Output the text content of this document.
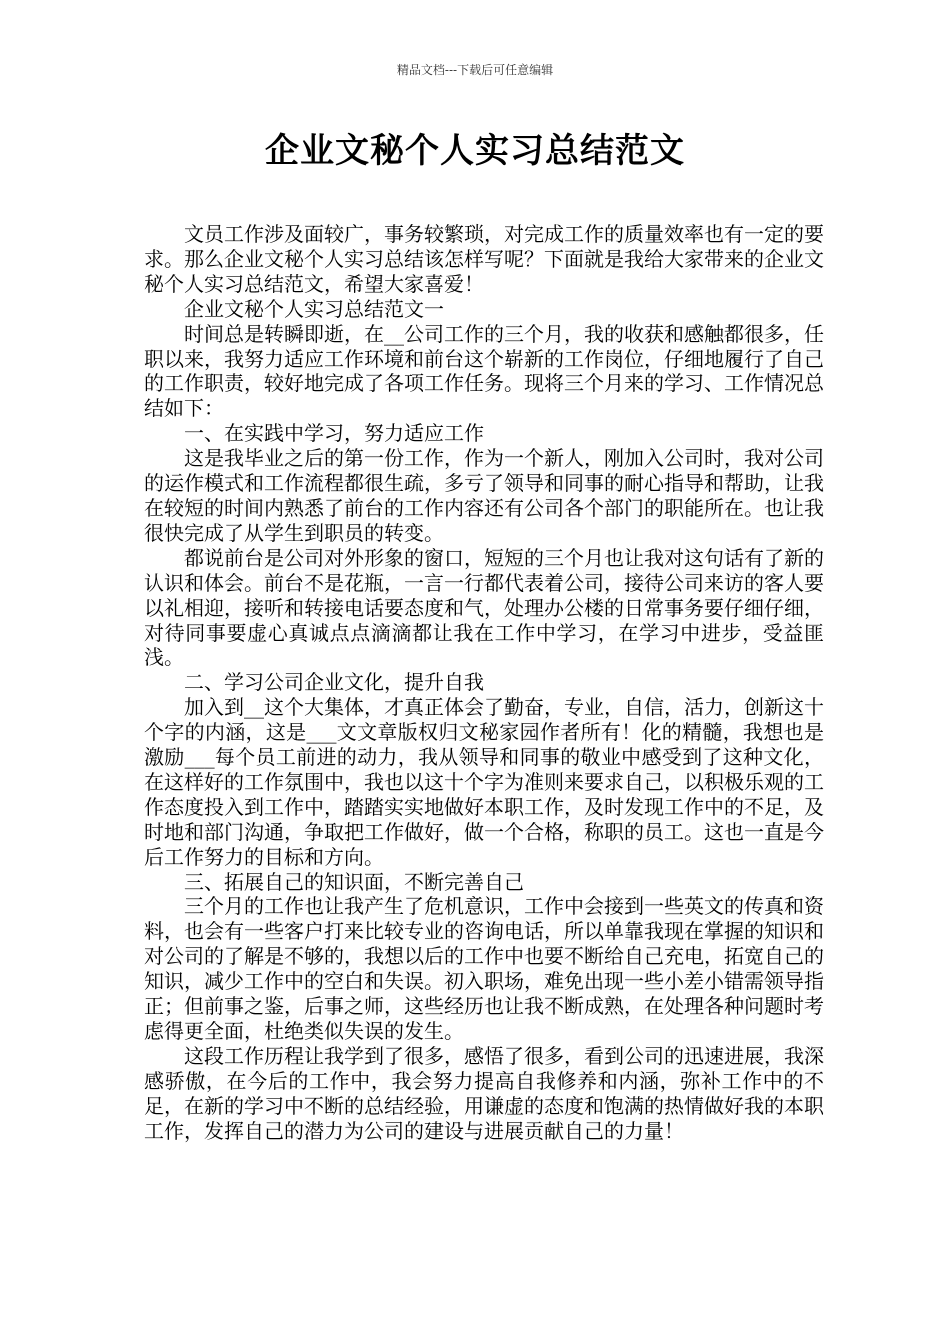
精品文档---下载后可任意编辑
企业文秘个人实习总结范文

文员工作涉及面较广，事务较繁琐，对完成工作的质量效率也有一定的要求。那么企业文秘个人实习总结该怎样写呢？下面就是我给大家带来的企业文秘个人实习总结范文，希望大家喜爱！

企业文秘个人实习总结范文一

时间总是转瞬即逝，在__公司工作的三个月，我的收获和感触都很多，任职以来，我努力适应工作环境和前台这个崭新的工作岗位，仔细地履行了自己的工作职责，较好地完成了各项工作任务。现将三个月来的学习、工作情况总结如下：

一、在实践中学习，努力适应工作

这是我毕业之后的第一份工作，作为一个新人，刚加入公司时，我对公司的运作模式和工作流程都很生疏，多亏了领导和同事的耐心指导和帮助，让我在较短的时间内熟悉了前台的工作内容还有公司各个部门的职能所在。也让我很快完成了从学生到职员的转变。

都说前台是公司对外形象的窗口，短短的三个月也让我对这句话有了新的认识和体会。前台不是花瓶，一言一行都代表着公司，接待公司来访的客人要以礼相迎，接听和转接电话要态度和气，处理办公楼的日常事务要仔细仔细，对待同事要虚心真诚点点滴滴都让我在工作中学习，在学习中进步，受益匪浅。

二、学习公司企业文化，提升自我

加入到__这个大集体，才真正体会了勤奋，专业，自信，活力，创新这十个字的内涵，这是___文文章版权归文秘家园作者所有！化的精髓，我想也是激励___每个员工前进的动力，我从领导和同事的敬业中感受到了这种文化，在这样好的工作氛围中，我也以这十个字为准则来要求自己，以积极乐观的工作态度投入到工作中，踏踏实实地做好本职工作，及时发现工作中的不足，及时地和部门沟通，争取把工作做好，做一个合格，称职的员工。这也一直是今后工作努力的目标和方向。

三、拓展自己的知识面，不断完善自己

三个月的工作也让我产生了危机意识，工作中会接到一些英文的传真和资料，也会有一些客户打来比较专业的咨询电话，所以单靠我现在掌握的知识和对公司的了解是不够的，我想以后的工作中也要不断给自己充电，拓宽自己的知识，减少工作中的空白和失误。初入职场，难免出现一些小差小错需领导指正；但前事之鉴，后事之师，这些经历也让我不断成熟，在处理各种问题时考虑得更全面，杜绝类似失误的发生。

这段工作历程让我学到了很多，感悟了很多，看到公司的迅速进展，我深感骄傲，在今后的工作中，我会努力提高自我修养和内涵，弥补工作中的不足，在新的学习中不断的总结经验，用谦虚的态度和饱满的热情做好我的本职工作，发挥自己的潜力为公司的建设与进展贡献自己的力量！
